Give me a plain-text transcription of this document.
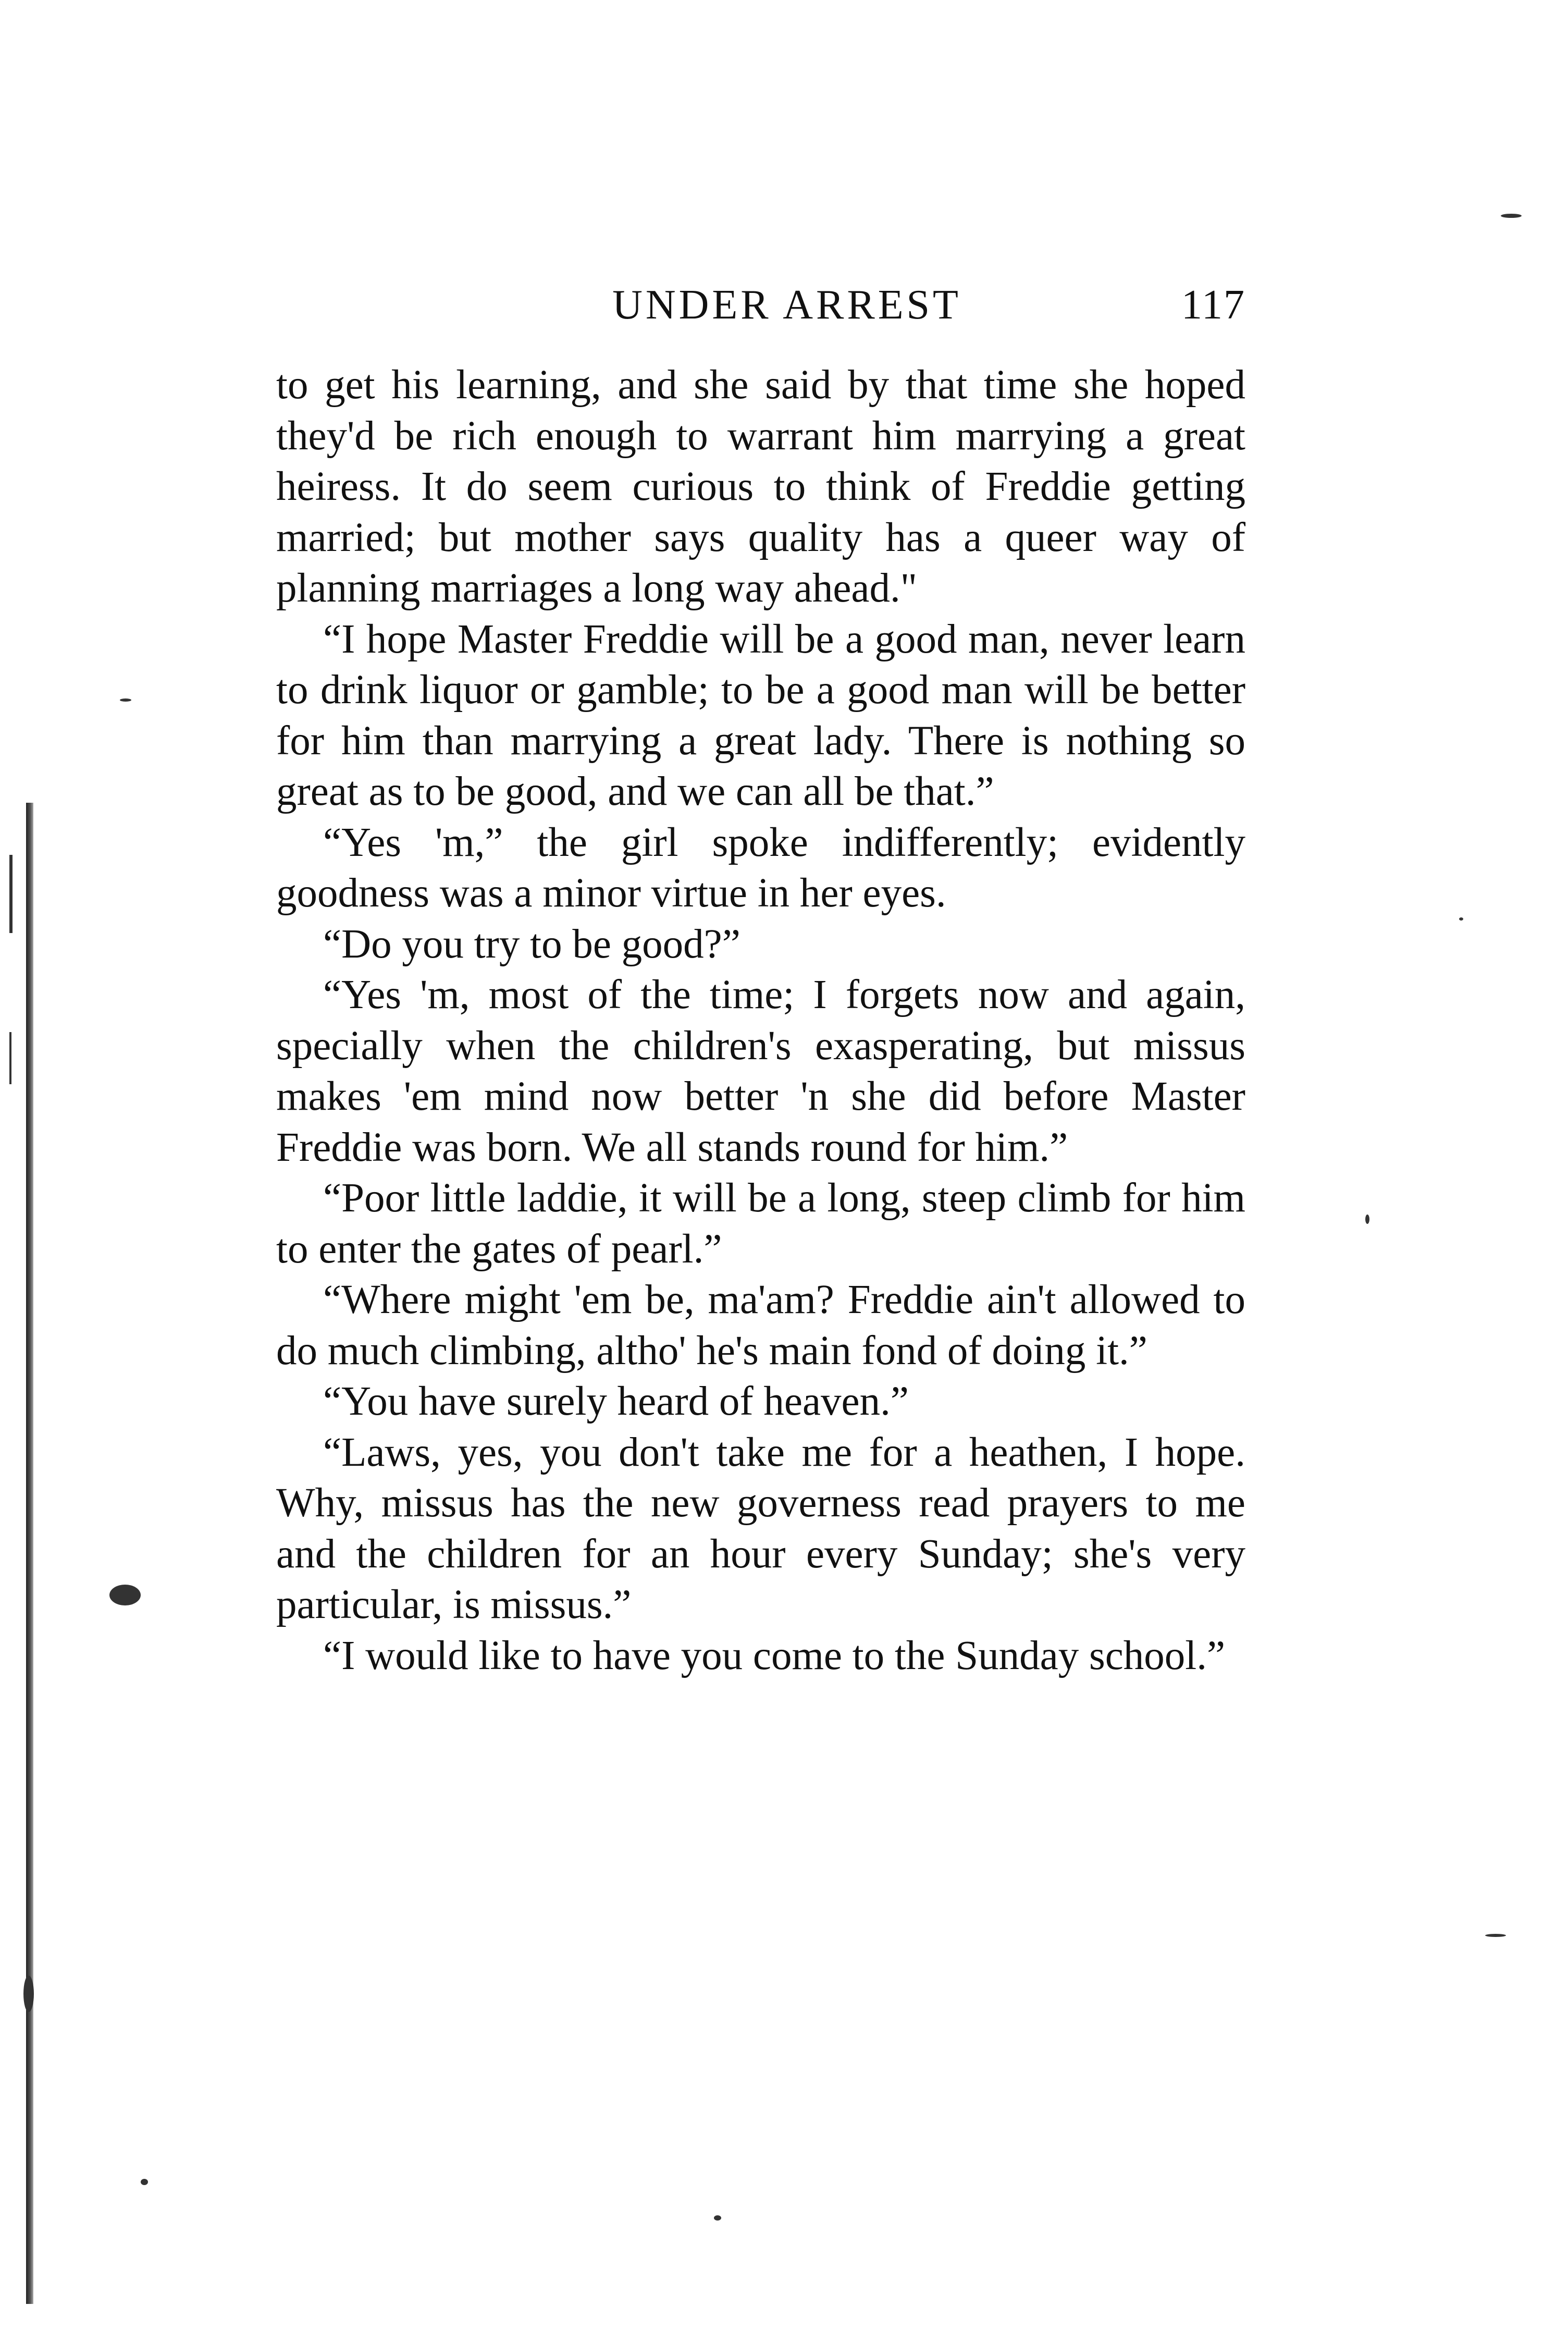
UNDER ARREST	117

to get his learning, and she said by that time she hoped they'd be rich enough to warrant him marrying a great heiress. It do seem curious to think of Freddie getting married; but mother says quality has a queer way of planning marriages a long way ahead."

“I hope Master Freddie will be a good man, never learn to drink liquor or gamble; to be a good man will be better for him than marrying a great lady. There is nothing so great as to be good, and we can all be that.”

“Yes 'm,” the girl spoke indifferently; evidently goodness was a minor virtue in her eyes.

“Do you try to be good?”

“Yes 'm, most of the time; I forgets now and again, specially when the children's exasperating, but missus makes 'em mind now better 'n she did before Master Freddie was born. We all stands round for him.”

“Poor little laddie, it will be a long, steep climb for him to enter the gates of pearl.”

“Where might 'em be, ma'am? Freddie ain't allowed to do much climbing, altho' he's main fond of doing it.”

“You have surely heard of heaven.”

“Laws, yes, you don't take me for a heathen, I hope. Why, missus has the new governess read prayers to me and the children for an hour every Sunday; she's very particular, is missus.”

“I would like to have you come to the Sunday school.”
